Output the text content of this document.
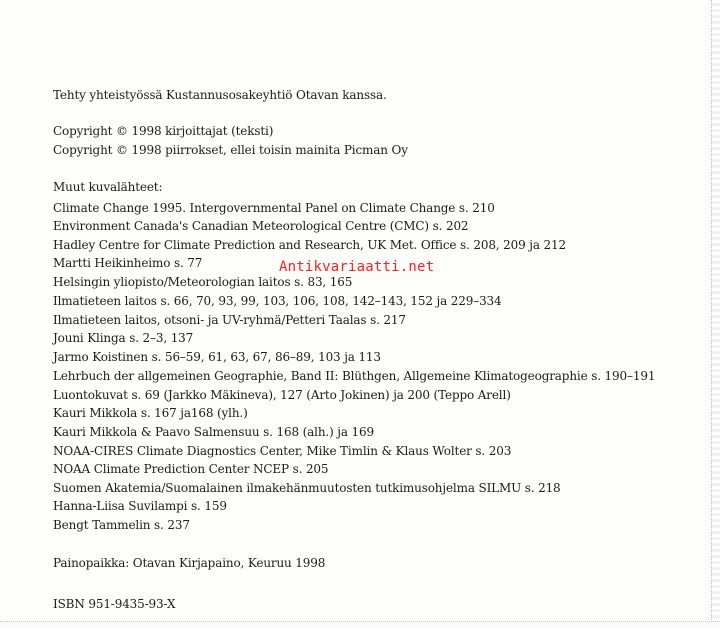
Tehty yhteistyössä Kustannusosakeyhtiö Otavan kanssa.
Copyright © 1998 kirjoittajat (teksti)
Copyright © 1998 piirrokset, ellei toisin mainita Picman Oy
Muut kuvalähteet:
Climate Change 1995. Intergovernmental Panel on Climate Change s. 210
Environment Canada's Canadian Meteorological Centre (CMC) s. 202
Hadley Centre for Climate Prediction and Research, UK Met. Office s. 208, 209 ja 212
Martti Heikinheimo s. 77
Helsingin yliopisto/Meteorologian laitos s. 83, 165
Ilmatieteen laitos s. 66, 70, 93, 99, 103, 106, 108, 142–143, 152 ja 229–334
Ilmatieteen laitos, otsoni- ja UV-ryhmä/Petteri Taalas s. 217
Jouni Klinga s. 2–3, 137
Jarmo Koistinen s. 56–59, 61, 63, 67, 86–89, 103 ja 113
Lehrbuch der allgemeinen Geographie, Band II: Blüthgen, Allgemeine Klimatogeographie s. 190–191
Luontokuvat s. 69 (Jarkko Mäkineva), 127 (Arto Jokinen) ja 200 (Teppo Arell)
Kauri Mikkola s. 167 ja168 (ylh.)
Kauri Mikkola & Paavo Salmensuu s. 168 (alh.) ja 169
NOAA-CIRES Climate Diagnostics Center, Mike Timlin & Klaus Wolter s. 203
NOAA Climate Prediction Center NCEP s. 205
Suomen Akatemia/Suomalainen ilmakehänmuutosten tutkimusohjelma SILMU s. 218
Hanna-Liisa Suvilampi s. 159
Bengt Tammelin s. 237
Painopaikka: Otavan Kirjapaino, Keuruu 1998
ISBN 951-9435-93-X
Antikvariaatti.net
